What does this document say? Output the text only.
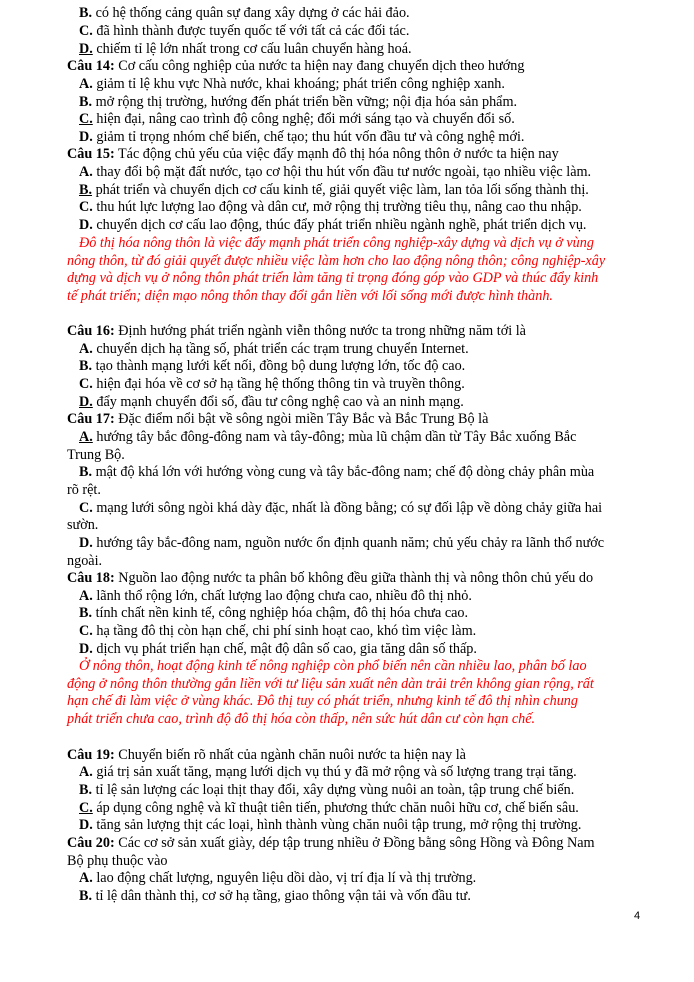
B. có hệ thống cảng quân sự đang xây dựng ở các hải đảo.
C. đã hình thành được tuyến quốc tế với tất cả các đối tác.
D. chiếm tỉ lệ lớn nhất trong cơ cấu luân chuyển hàng hoá.
Câu 14: Cơ cấu công nghiệp của nước ta hiện nay đang chuyển dịch theo hướng
A. giảm tỉ lệ khu vực Nhà nước, khai khoáng; phát triển công nghiệp xanh.
B. mở rộng thị trường, hướng đến phát triển bền vững; nội địa hóa sản phẩm.
C. hiện đại, nâng cao trình độ công nghệ; đổi mới sáng tạo và chuyển đổi số.
D. giảm tỉ trọng nhóm chế biến, chế tạo; thu hút vốn đầu tư và công nghệ mới.
Câu 15: Tác động chủ yếu của việc đẩy mạnh đô thị hóa nông thôn ở nước ta hiện nay
A. thay đổi bộ mặt đất nước, tạo cơ hội thu hút vốn đầu tư nước ngoài, tạo nhiều việc làm.
B. phát triển và chuyển dịch cơ cấu kinh tế, giải quyết việc làm, lan tỏa lối sống thành thị.
C. thu hút lực lượng lao động và dân cư, mở rộng thị trường tiêu thụ, nâng cao thu nhập.
D. chuyển dịch cơ cấu lao động, thúc đẩy phát triển nhiều ngành nghề, phát triển dịch vụ.
Câu 16: Định hướng phát triển ngành viễn thông nước ta trong những năm tới là
A. chuyển dịch hạ tầng số, phát triển các trạm trung chuyển Internet.
B. tạo thành mạng lưới kết nối, đồng bộ dung lượng lớn, tốc độ cao.
C. hiện đại hóa về cơ sở hạ tầng hệ thống thông tin và truyền thông.
D. đẩy mạnh chuyển đổi số, đầu tư công nghệ cao và an ninh mạng.
Câu 17: Đặc điểm nổi bật về sông ngòi miền Tây Bắc và Bắc Trung Bộ là
A. hướng tây bắc đông-đông nam và tây-đông; mùa lũ chậm dần từ Tây Bắc xuống Bắc
Trung Bộ.
B. mật độ khá lớn với hướng vòng cung và tây bắc-đông nam; chế độ dòng chảy phân mùa
rõ rệt.
C. mạng lưới sông ngòi khá dày đặc, nhất là đồng bằng; có sự đối lập về dòng chảy giữa hai
sườn.
D. hướng tây bắc-đông nam, nguồn nước ổn định quanh năm; chủ yếu chảy ra lãnh thổ nước
ngoài.
Câu 18: Nguồn lao động nước ta phân bố không đều giữa thành thị và nông thôn chủ yếu do
A. lãnh thổ rộng lớn, chất lượng lao động chưa cao, nhiều đô thị nhỏ.
B. tính chất nền kinh tế, công nghiệp hóa chậm, đô thị hóa chưa cao.
C. hạ tầng đô thị còn hạn chế, chi phí sinh hoạt cao, khó tìm việc làm.
D. dịch vụ phát triển hạn chế, mật độ dân số cao, gia tăng dân số thấp.
Câu 19: Chuyển biến rõ nhất của ngành chăn nuôi nước ta hiện nay là
A. giá trị sản xuất tăng, mạng lưới dịch vụ thú y đã mở rộng và số lượng trang trại tăng.
B. tỉ lệ sản lượng các loại thịt thay đổi, xây dựng vùng nuôi an toàn, tập trung chế biến.
C. áp dụng công nghệ và kĩ thuật tiên tiến, phương thức chăn nuôi hữu cơ, chế biến sâu.
D. tăng sản lượng thịt các loại, hình thành vùng chăn nuôi tập trung, mở rộng thị trường.
Câu 20: Các cơ sở sản xuất giày, dép tập trung nhiều ở Đồng bằng sông Hồng và Đông Nam
Bộ phụ thuộc vào
A. lao động chất lượng, nguyên liệu dồi dào, vị trí địa lí và thị trường.
B. tỉ lệ dân thành thị, cơ sở hạ tầng, giao thông vận tải và vốn đầu tư.
Đô thị hóa nông thôn là việc đẩy mạnh phát triển công nghiệp-xây dựng và dịch vụ ở vùng
nông thôn, từ đó giải quyết được nhiều việc làm hơn cho lao động nông thôn; công nghiệp-xây
dựng và dịch vụ ở nông thôn phát triển làm tăng tỉ trọng đóng góp vào GDP và thúc đẩy kinh
tế phát triển; diện mạo nông thôn thay đổi gắn liền với lối sống mới được hình thành.
Ở nông thôn, hoạt động kinh tế nông nghiệp còn phổ biến nên cần nhiều lao, phân bố lao
động ở nông thôn thường gắn liền với tư liệu sản xuất nên dàn trải trên không gian rộng, rất
hạn chế đi làm việc ở vùng khác. Đô thị tuy có phát triển, nhưng kinh tế đô thị nhìn chung
phát triển chưa cao, trình độ đô thị hóa còn thấp, nên sức hút dân cư còn hạn chế.
4
